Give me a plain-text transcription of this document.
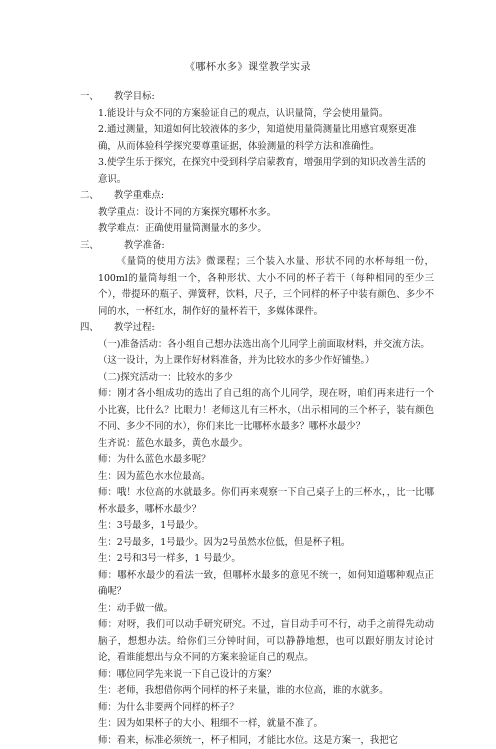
《哪杯水多》课堂教学实录
一、	教学目标:
1.能设计与众不同的方案验证自己的观点，认识量筒，学会使用量筒。
2.通过测量，知道如何比较液体的多少，知道使用量筒测量比用感官观察更准确，从而体验科学探究要尊重证据，体验测量的科学方法和准确性。
3.使学生乐于探究，在探究中受到科学启蒙教育，增强用学到的知识改善生活的意识。
二、	教学重难点:
教学重点：设计不同的方案探究哪杯水多。
教学难点：正确使用量筒测量水的多少。
三、	教学准备:
《量筒的使用方法》微课程；三个装入水量、形状不同的水杯每组一份，100ml的量筒每组一个，各种形状、大小不同的杯子若干（每种相同的至少三个），带提环的瓶子、弹簧秤，饮料，尺子，三个同样的杯子中装有颜色、多少不同的水，一杯红水，制作好的量杯若干，多媒体课件。
四、	教学过程:
（一)准备活动：各小组自己想办法选出高个儿同学上前面取材料，并交流方法。
（这一设计，为上课作好材料准备，并为比较水的多少作好铺垫。）
（二)探究活动一：比较水的多少
师：刚才各小组成功的选出了自己组的高个儿同学，现在呀，咱们再来进行一个小比赛，比什么？比眼力！老师这儿有三杯水，（出示相同的三个杯子，装有颜色不同、多少不同的水），你们来比一比哪杯水最多？哪杯水最少？
生齐说：蓝色水最多，黄色水最少。
师：为什么蓝色水最多呢？
生：因为蓝色水水位最高。
师：哦！水位高的水就最多。你们再来观察一下自己桌子上的三杯水，，比一比哪杯水最多，哪杯水最少？
生：3号最多，1号最少。
生：2号最多，1号最少。因为2号虽然水位低，但是杯子粗。
生：2号和3号一样多，1 号最少。
师：哪杯水最少的看法一致，但哪杯水最多的意见不统一，如何知道哪种观点正确呢？
生：动手做一做。
师：对呀，我们可以动手研究研究。不过，盲目动手可不行，动手之前得先动动脑子，想想办法。给你们三分钟时间，可以静静地想，也可以跟好朋友讨论讨论，看谁能想出与众不同的方案来验证自己的观点。
师：哪位同学先来说一下自己设计的方案？
生：老师，我想借你两个同样的杯子来量，谁的水位高，谁的水就多。
师：为什么非要两个同样的杯子？
生：因为如果杯子的大小、粗细不一样，就量不准了。
师：看来，标准必须统一，杯子相同，才能比水位。这是方案一，我把它
